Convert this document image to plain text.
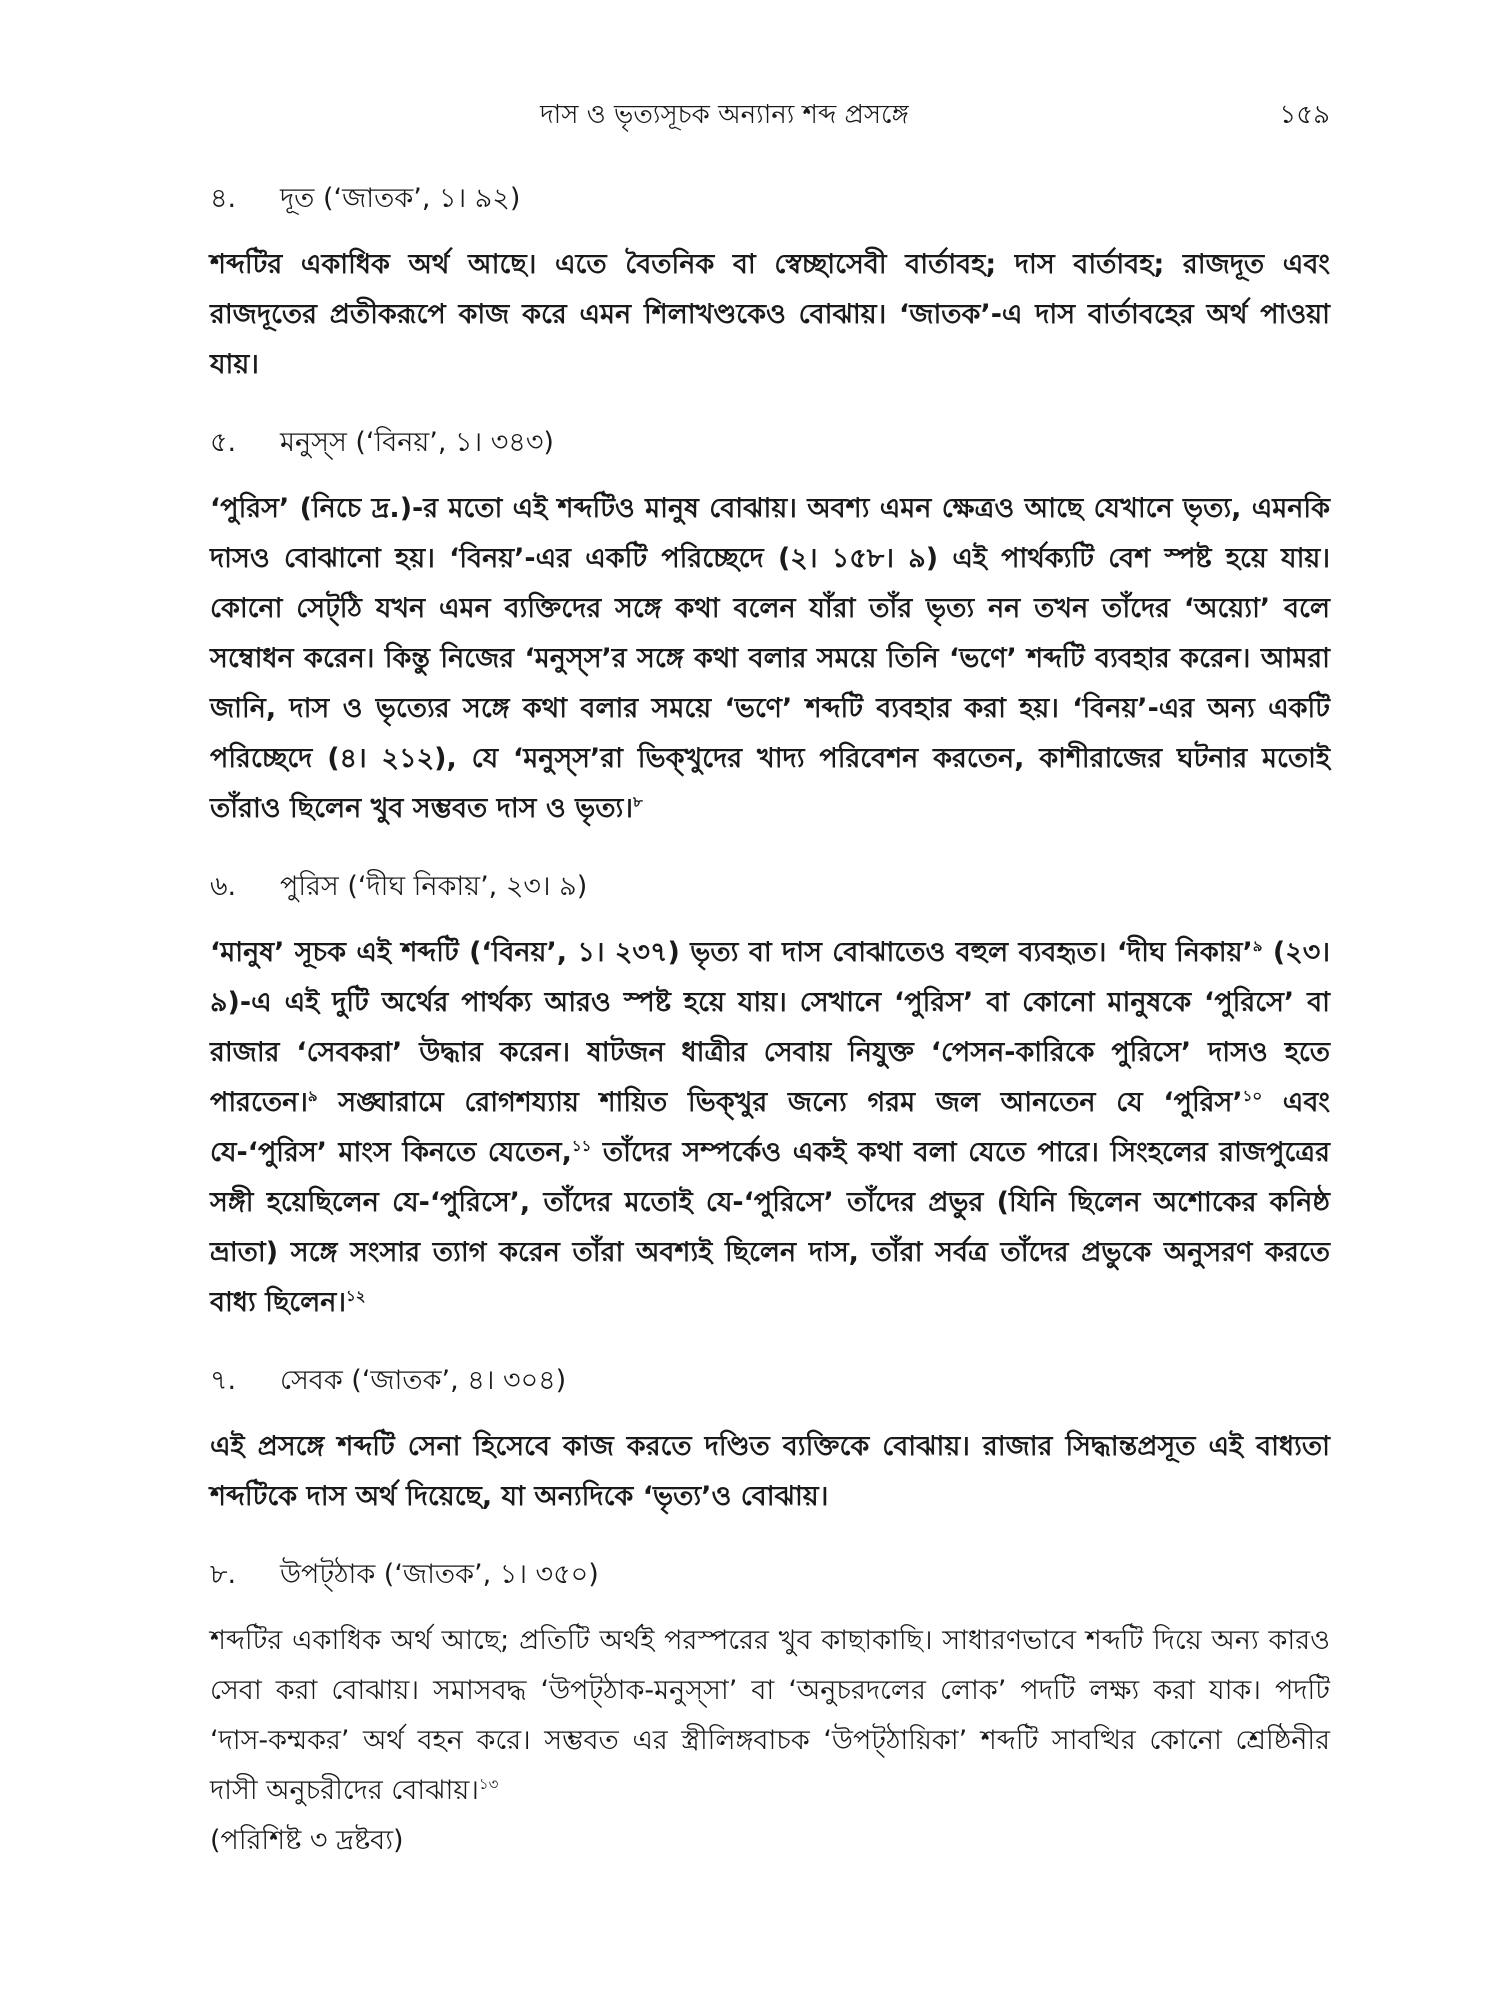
দাস ও ভৃত্যসূচক অন্যান্য শব্দ প্রসঙ্গে	১৫৯
৪. দূত (‘জাতক’, ১। ৯২)

শব্দটির একাধিক অর্থ আছে। এতে বৈতনিক বা স্বেচ্ছাসেবী বার্তাবহ; দাস বার্তাবহ; রাজদূত এবং রাজদূতের প্রতীকরূপে কাজ করে এমন শিলাখণ্ডকেও বোঝায়। ‘জাতক’-এ দাস বার্তাবহের অর্থ পাওয়া যায়।

৫. মনুস্‌স (‘বিনয়’, ১। ৩৪৩)

‘পুরিস’ (নিচে দ্র.)-র মতো এই শব্দটিও মানুষ বোঝায়। অবশ্য এমন ক্ষেত্রও আছে যেখানে ভৃত্য, এমনকি দাসও বোঝানো হয়। ‘বিনয়’-এর একটি পরিচ্ছেদে (২। ১৫৮। ৯) এই পার্থক্যটি বেশ স্পষ্ট হয়ে যায়। কোনো সেট্‌ঠি যখন এমন ব্যক্তিদের সঙ্গে কথা বলেন যাঁরা তাঁর ভৃত্য নন তখন তাঁদের ‘অয়্যো’ বলে সম্বোধন করেন। কিন্তু নিজের ‘মনুস্‌স’র সঙ্গে কথা বলার সময়ে তিনি ‘ভণে’ শব্দটি ব্যবহার করেন। আমরা জানি, দাস ও ভৃত্যের সঙ্গে কথা বলার সময়ে ‘ভণে’ শব্দটি ব্যবহার করা হয়। ‘বিনয়’-এর অন্য একটি পরিচ্ছেদে (৪। ২১২), যে ‘মনুস্‌স’রা ভিক্‌খুদের খাদ্য পরিবেশন করতেন, কাশীরাজের ঘটনার মতোই তাঁরাও ছিলেন খুব সম্ভবত দাস ও ভৃত্য।$^৮$

৬. পুরিস (‘দীঘ নিকায়’, ২৩। ৯)

‘মানুষ’ সূচক এই শব্দটি (‘বিনয়’, ১। ২৩৭) ভৃত্য বা দাস বোঝাতেও বহুল ব্যবহৃত। ‘দীঘ নিকায়’$^৯$ (২৩। ৯)-এ এই দুটি অর্থের পার্থক্য আরও স্পষ্ট হয়ে যায়। সেখানে ‘পুরিস’ বা কোনো মানুষকে ‘পুরিসে’ বা রাজার ‘সেবকরা’ উদ্ধার করেন। ষাটজন ধাত্রীর সেবায় নিযুক্ত ‘পেসন-কারিকে পুরিসে’ দাসও হতে পারতেন।$^৯$ সঙ্ঘারামে রোগশয্যায় শায়িত ভিক্‌খুর জন্যে গরম জল আনতেন যে ‘পুরিস’$^{১০}$ এবং যে-‘পুরিস’ মাংস কিনতে যেতেন,$^{১১}$ তাঁদের সম্পর্কেও একই কথা বলা যেতে পারে। সিংহলের রাজপুত্রের সঙ্গী হয়েছিলেন যে-‘পুরিসে’, তাঁদের মতোই যে-‘পুরিসে’ তাঁদের প্রভুর (যিনি ছিলেন অশোকের কনিষ্ঠ ভ্রাতা) সঙ্গে সংসার ত্যাগ করেন তাঁরা অবশ্যই ছিলেন দাস, তাঁরা সর্বত্র তাঁদের প্রভুকে অনুসরণ করতে বাধ্য ছিলেন।$^{১২}$

৭. সেবক (‘জাতক’, ৪। ৩০৪)

এই প্রসঙ্গে শব্দটি সেনা হিসেবে কাজ করতে দণ্ডিত ব্যক্তিকে বোঝায়। রাজার সিদ্ধান্তপ্রসূত এই বাধ্যতা শব্দটিকে দাস অর্থ দিয়েছে, যা অন্যদিকে ‘ভৃত্য’ও বোঝায়।

৮. উপট্‌ঠাক (‘জাতক’, ১। ৩৫০)

শব্দটির একাধিক অর্থ আছে; প্রতিটি অর্থই পরস্পরের খুব কাছাকাছি। সাধারণভাবে শব্দটি দিয়ে অন্য কারও সেবা করা বোঝায়। সমাসবদ্ধ ‘উপট্‌ঠাক-মনুস্‌সা’ বা ‘অনুচরদলের লোক’ পদটি লক্ষ্য করা যাক। পদটি ‘দাস-কম্মকর’ অর্থ বহন করে। সম্ভবত এর স্ত্রীলিঙ্গবাচক ‘উপট্‌ঠায়িকা’ শব্দটি সাবত্থির কোনো শ্রেষ্ঠিনীর দাসী অনুচরীদের বোঝায়।$^{১৩}$
(পরিশিষ্ট ৩ দ্রষ্টব্য)
